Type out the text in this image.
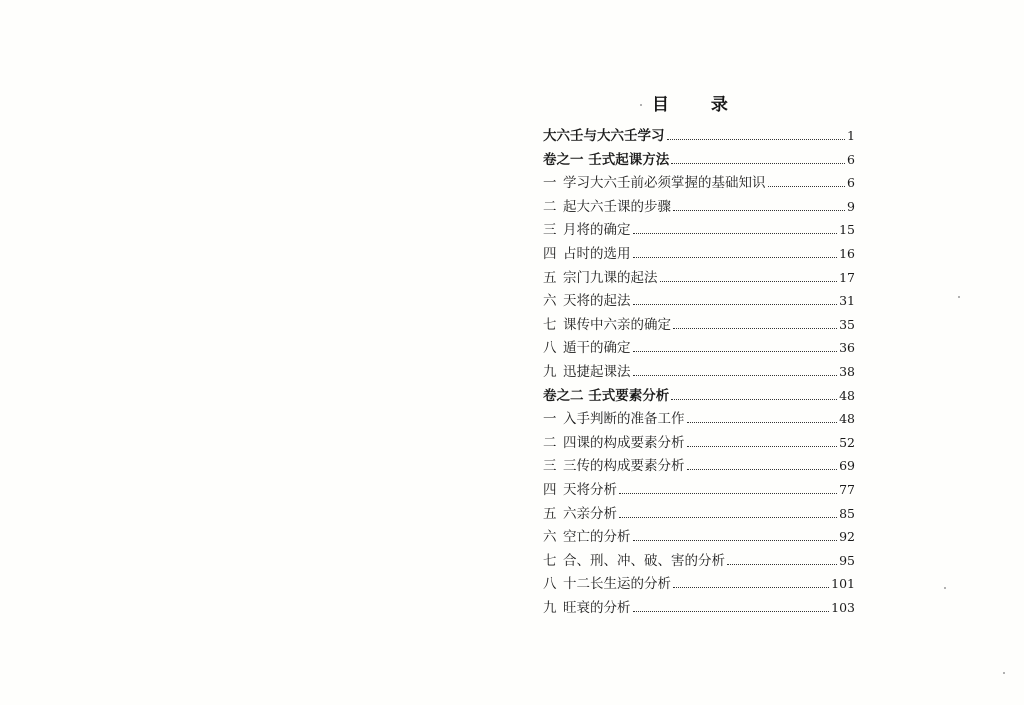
目 录
大六壬与大六壬学习	1
卷之一 壬式起课方法	6
一 学习大六壬前必须掌握的基础知识	6
二 起大六壬课的步骤	9
三 月将的确定	15
四 占时的选用	16
五 宗门九课的起法	17
六 天将的起法	31
七 课传中六亲的确定	35
八 遁干的确定	36
九 迅捷起课法	38
卷之二 壬式要素分析	48
一 入手判断的准备工作	48
二 四课的构成要素分析	52
三 三传的构成要素分析	69
四 天将分析	77
五 六亲分析	85
六 空亡的分析	92
七 合、刑、冲、破、害的分析	95
八 十二长生运的分析	101
九 旺衰的分析	103
